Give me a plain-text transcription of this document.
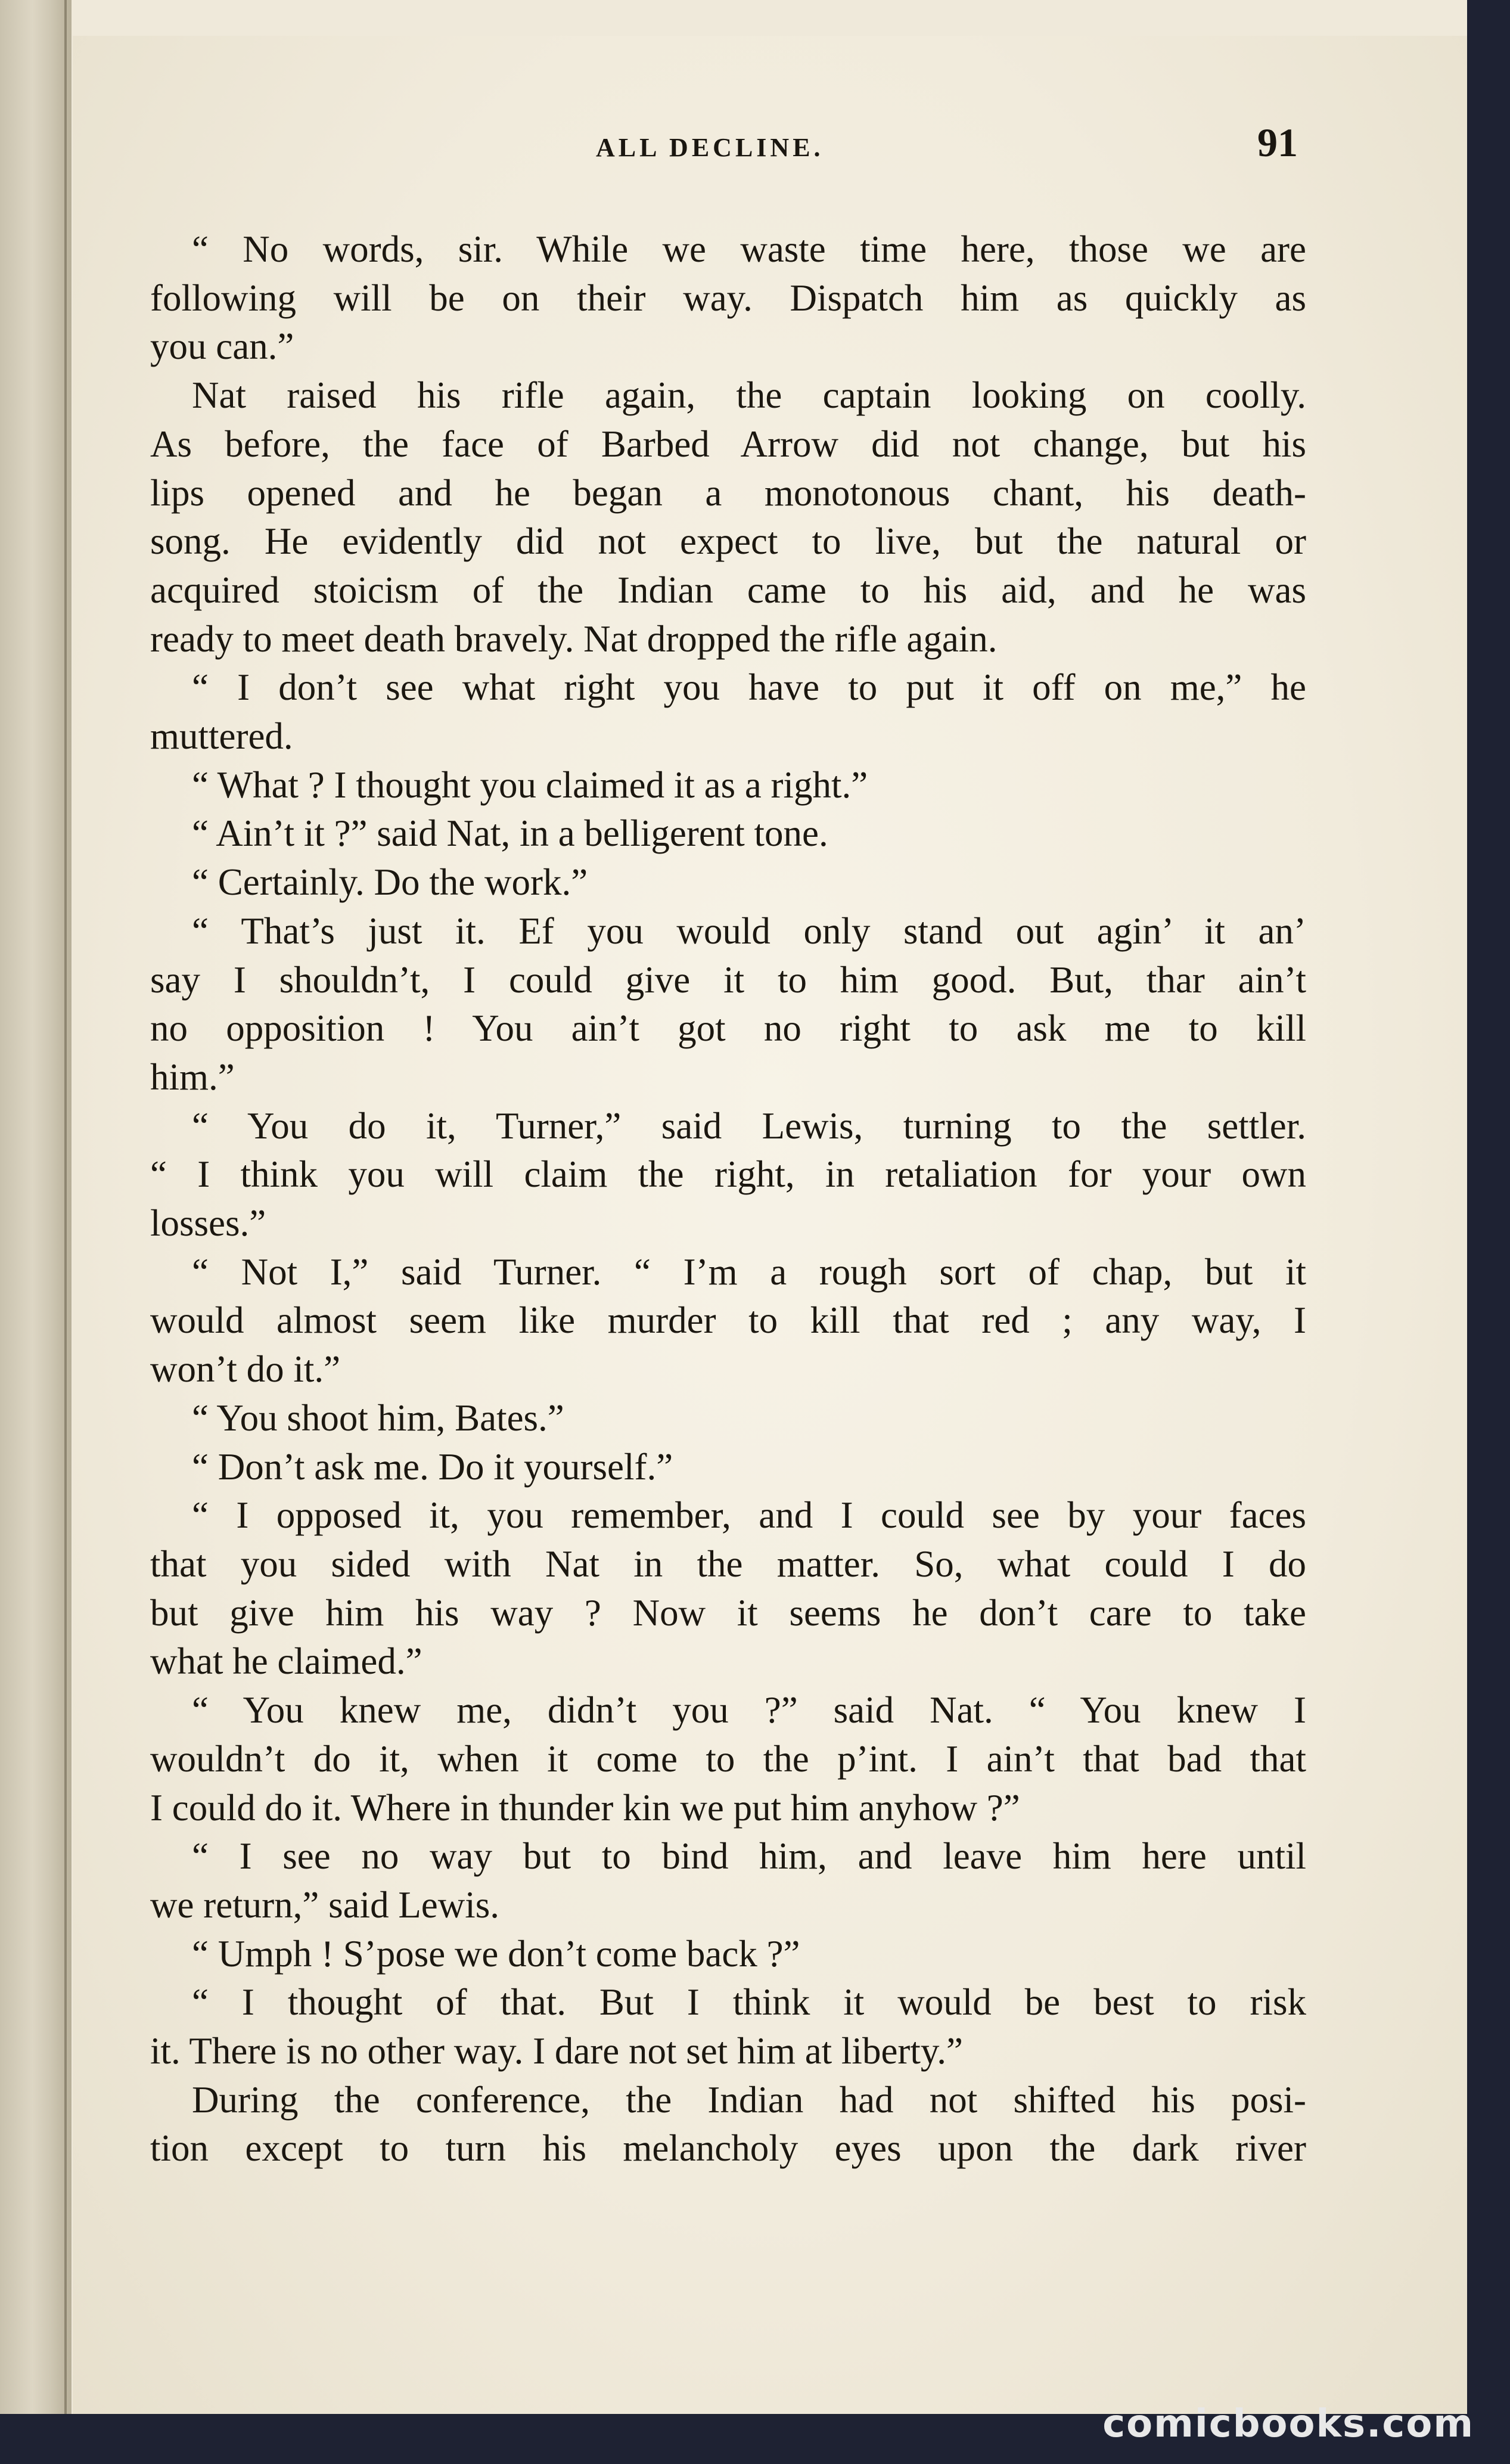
ALL DECLINE.	91
“ No words, sir. While we waste time here, those we are
following will be on their way. Dispatch him as quickly as
you can.”
Nat raised his rifle again, the captain looking on coolly.
As before, the face of Barbed Arrow did not change, but his
lips opened and he began a monotonous chant, his death-
song. He evidently did not expect to live, but the natural or
acquired stoicism of the Indian came to his aid, and he was
ready to meet death bravely. Nat dropped the rifle again.
“ I don’t see what right you have to put it off on me,” he
muttered.
“ What ? I thought you claimed it as a right.”
“ Ain’t it ?” said Nat, in a belligerent tone.
“ Certainly. Do the work.”
“ That’s just it. Ef you would only stand out agin’ it an’
say I shouldn’t, I could give it to him good. But, thar ain’t
no opposition ! You ain’t got no right to ask me to kill
him.”
“ You do it, Turner,” said Lewis, turning to the settler.
“ I think you will claim the right, in retaliation for your own
losses.”
“ Not I,” said Turner. “ I’m a rough sort of chap, but it
would almost seem like murder to kill that red ; any way, I
won’t do it.”
“ You shoot him, Bates.”
“ Don’t ask me. Do it yourself.”
“ I opposed it, you remember, and I could see by your faces
that you sided with Nat in the matter. So, what could I do
but give him his way ? Now it seems he don’t care to take
what he claimed.”
“ You knew me, didn’t you ?” said Nat. “ You knew I
wouldn’t do it, when it come to the p’int. I ain’t that bad that
I could do it. Where in thunder kin we put him anyhow ?”
“ I see no way but to bind him, and leave him here until
we return,” said Lewis.
“ Umph ! S’pose we don’t come back ?”
“ I thought of that. But I think it would be best to risk
it. There is no other way. I dare not set him at liberty.”
During the conference, the Indian had not shifted his posi-
tion except to turn his melancholy eyes upon the dark river
comicbooks.com
